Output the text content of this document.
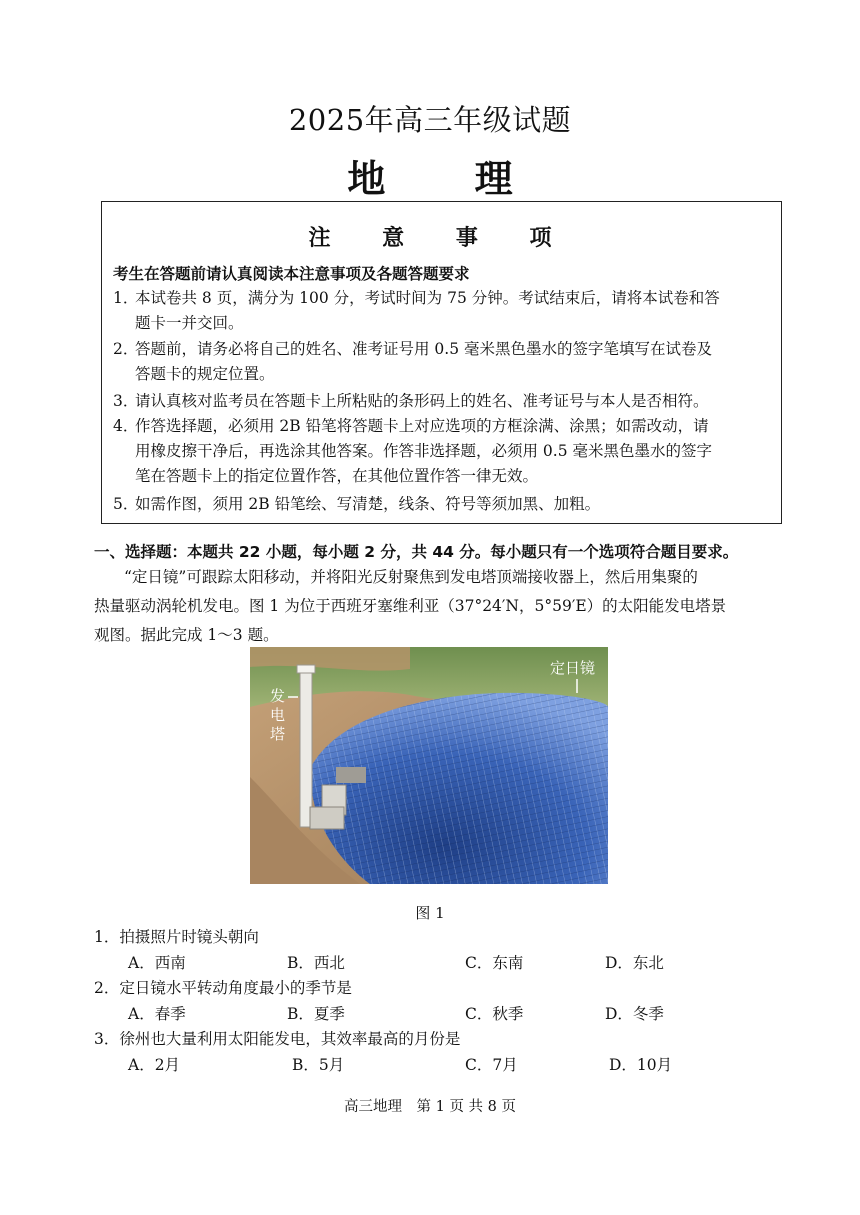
2025年高三年级试题
地 理
注 意 事 项
考生在答题前请认真阅读本注意事项及各题答题要求
1．本试卷共 8 页，满分为 100 分，考试时间为 75 分钟。考试结束后，请将本试卷和答
题卡一并交回。
2．答题前，请务必将自己的姓名、准考证号用 0.5 毫米黑色墨水的签字笔填写在试卷及
答题卡的规定位置。
3．请认真核对监考员在答题卡上所粘贴的条形码上的姓名、准考证号与本人是否相符。
4．作答选择题，必须用 2B 铅笔将答题卡上对应选项的方框涂满、涂黑；如需改动，请
用橡皮擦干净后，再选涂其他答案。作答非选择题，必须用 0.5 毫米黑色墨水的签字
笔在答题卡上的指定位置作答，在其他位置作答一律无效。
5．如需作图，须用 2B 铅笔绘、写清楚，线条、符号等须加黑、加粗。
一、选择题：本题共 22 小题，每小题 2 分，共 44 分。每小题只有一个选项符合题目要求。
“定日镜”可跟踪太阳移动，并将阳光反射聚焦到发电塔顶端接收器上，然后用集聚的
热量驱动涡轮机发电。图 1 为位于西班牙塞维利亚（37°24′N，5°59′E）的太阳能发电塔景
观图。据此完成 1～3 题。
定日镜
发
电
塔
图 1
1．拍摄照片时镜头朝向
A．西南	B．西北	C．东南	D．东北
2．定日镜水平转动角度最小的季节是
A．春季	B．夏季	C．秋季	D．冬季
3．徐州也大量利用太阳能发电，其效率最高的月份是
A．2月	B．5月	C．7月	D．10月
高三地理　第 1 页 共 8 页
